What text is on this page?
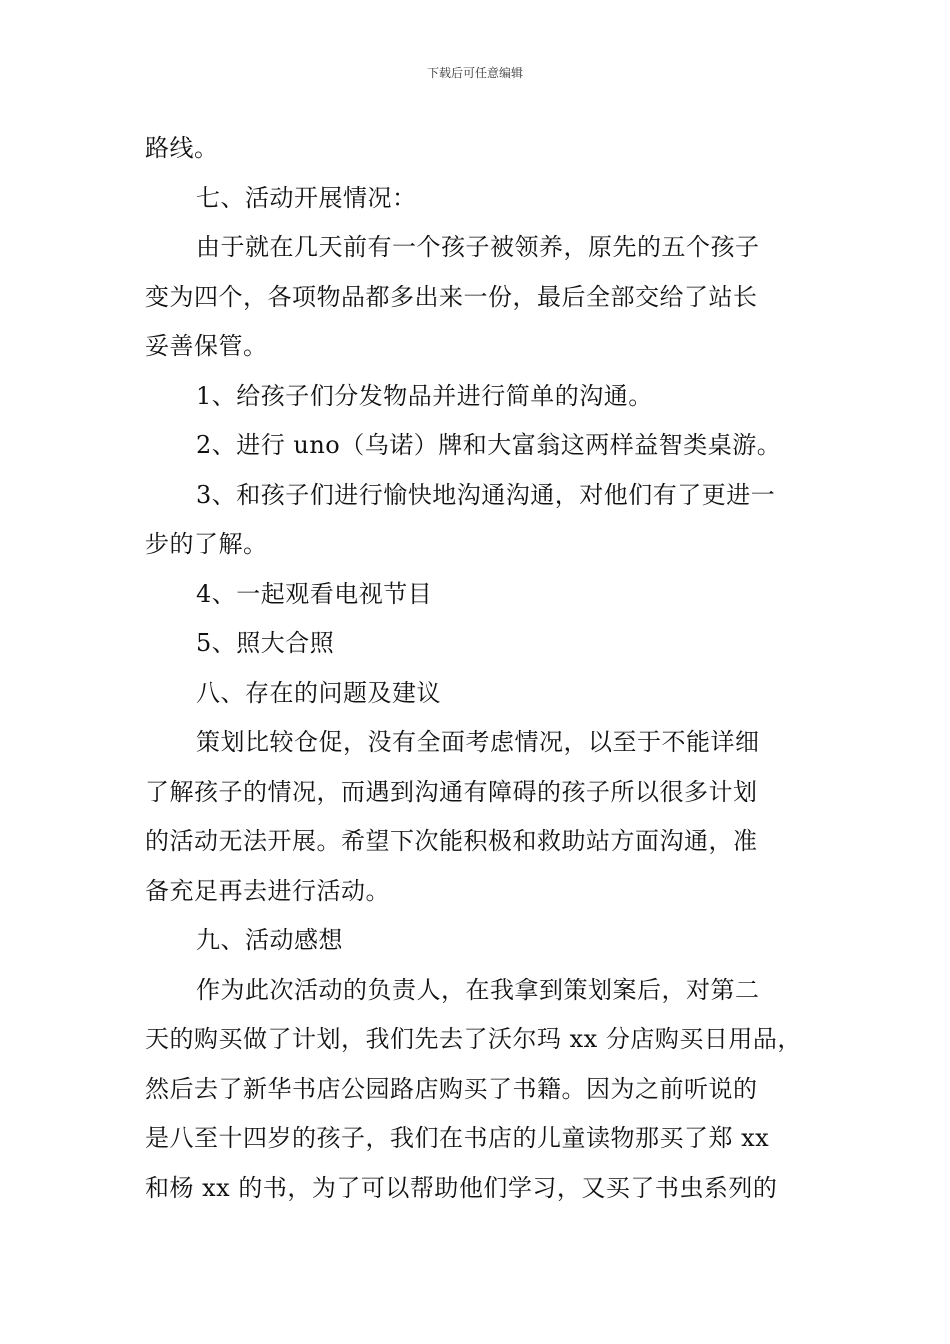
下载后可任意编辑
路线。
七、活动开展情况：
由于就在几天前有一个孩子被领养，原先的五个孩子
变为四个，各项物品都多出来一份，最后全部交给了站长
妥善保管。
1、给孩子们分发物品并进行简单的沟通。
2、进行 uno（乌诺）牌和大富翁这两样益智类桌游。
3、和孩子们进行愉快地沟通沟通，对他们有了更进一
步的了解。
4、一起观看电视节目
5、照大合照
八、存在的问题及建议
策划比较仓促，没有全面考虑情况，以至于不能详细
了解孩子的情况，而遇到沟通有障碍的孩子所以很多计划
的活动无法开展。希望下次能积极和救助站方面沟通，准
备充足再去进行活动。
九、活动感想
作为此次活动的负责人，在我拿到策划案后，对第二
天的购买做了计划，我们先去了沃尔玛 xx 分店购买日用品，
然后去了新华书店公园路店购买了书籍。因为之前听说的
是八至十四岁的孩子，我们在书店的儿童读物那买了郑 xx
和杨 xx 的书，为了可以帮助他们学习，又买了书虫系列的
